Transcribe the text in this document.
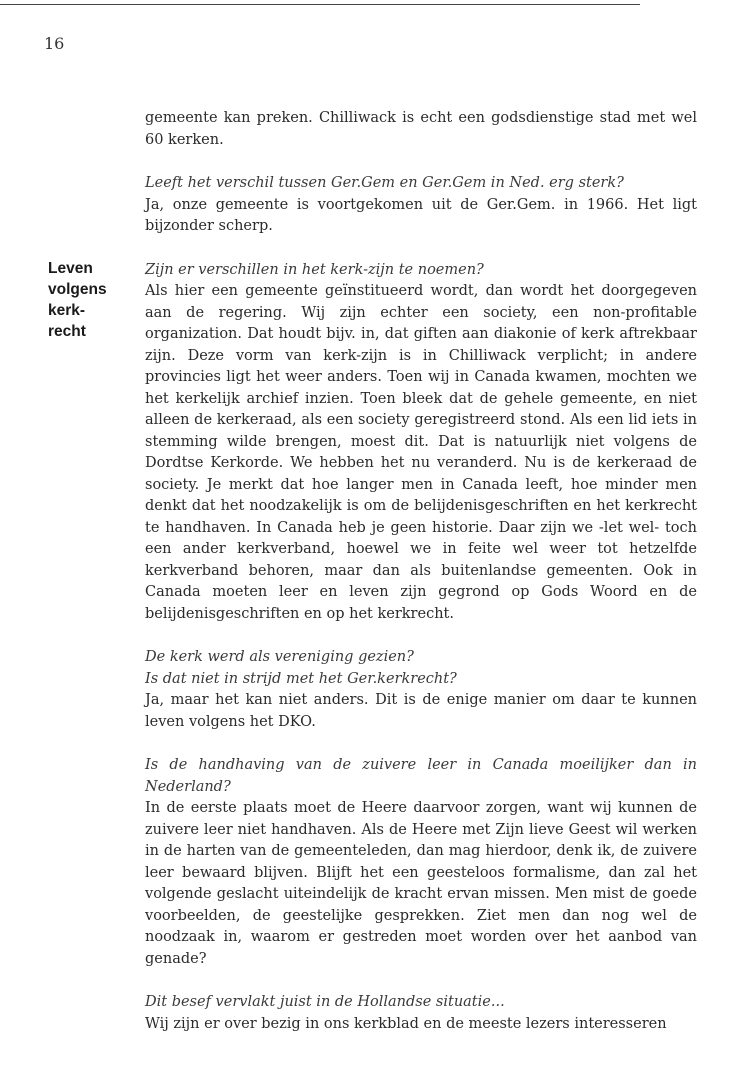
16
Leven
volgens
kerk-
recht
gemeente kan preken. Chilliwack is echt een godsdienstige stad met wel 60 kerken.
Leeft het verschil tussen Ger.Gem en Ger.Gem in Ned. erg sterk?
Ja, onze gemeente is voortgekomen uit de Ger.Gem. in 1966. Het ligt bijzonder scherp.
Zijn er verschillen in het kerk-zijn te noemen?
Als hier een gemeente geïnstitueerd wordt, dan wordt het doorgegeven aan de regering. Wij zijn echter een society, een non-profitable organization. Dat houdt bijv. in, dat giften aan diakonie of kerk aftrekbaar zijn. Deze vorm van kerk-zijn is in Chilliwack verplicht; in andere provincies ligt het weer anders. Toen wij in Canada kwamen, mochten we het kerkelijk archief inzien. Toen bleek dat de gehele gemeente, en niet alleen de kerkeraad, als een society geregistreerd stond. Als een lid iets in stemming wilde brengen, moest dit. Dat is natuurlijk niet volgens de Dordtse Kerkorde. We hebben het nu veranderd. Nu is de kerkeraad de society. Je merkt dat hoe langer men in Canada leeft, hoe minder men denkt dat het noodzakelijk is om de belijdenisgeschriften en het kerkrecht te handhaven. In Canada heb je geen historie. Daar zijn we -let wel- toch een ander kerkverband, hoewel we in feite wel weer tot hetzelfde kerkverband behoren, maar dan als buitenlandse gemeenten. Ook in Canada moeten leer en leven zijn gegrond op Gods Woord en de belijdenisgeschriften en op het kerkrecht.
De kerk werd als vereniging gezien?
Is dat niet in strijd met het Ger.kerkrecht?
Ja, maar het kan niet anders. Dit is de enige manier om daar te kunnen leven volgens het DKO.
Is de handhaving van de zuivere leer in Canada moeilijker dan in Nederland?
In de eerste plaats moet de Heere daarvoor zorgen, want wij kunnen de zuivere leer niet handhaven. Als de Heere met Zijn lieve Geest wil werken in de harten van de gemeenteleden, dan mag hierdoor, denk ik, de zuivere leer bewaard blijven. Blijft het een geesteloos formalisme, dan zal het volgende geslacht uiteindelijk de kracht ervan missen. Men mist de goede voorbeelden, de geestelijke gesprekken. Ziet men dan nog wel de noodzaak in, waarom er gestreden moet worden over het aanbod van genade?
Dit besef vervlakt juist in de Hollandse situatie...
Wij zijn er over bezig in ons kerkblad en de meeste lezers interesseren
